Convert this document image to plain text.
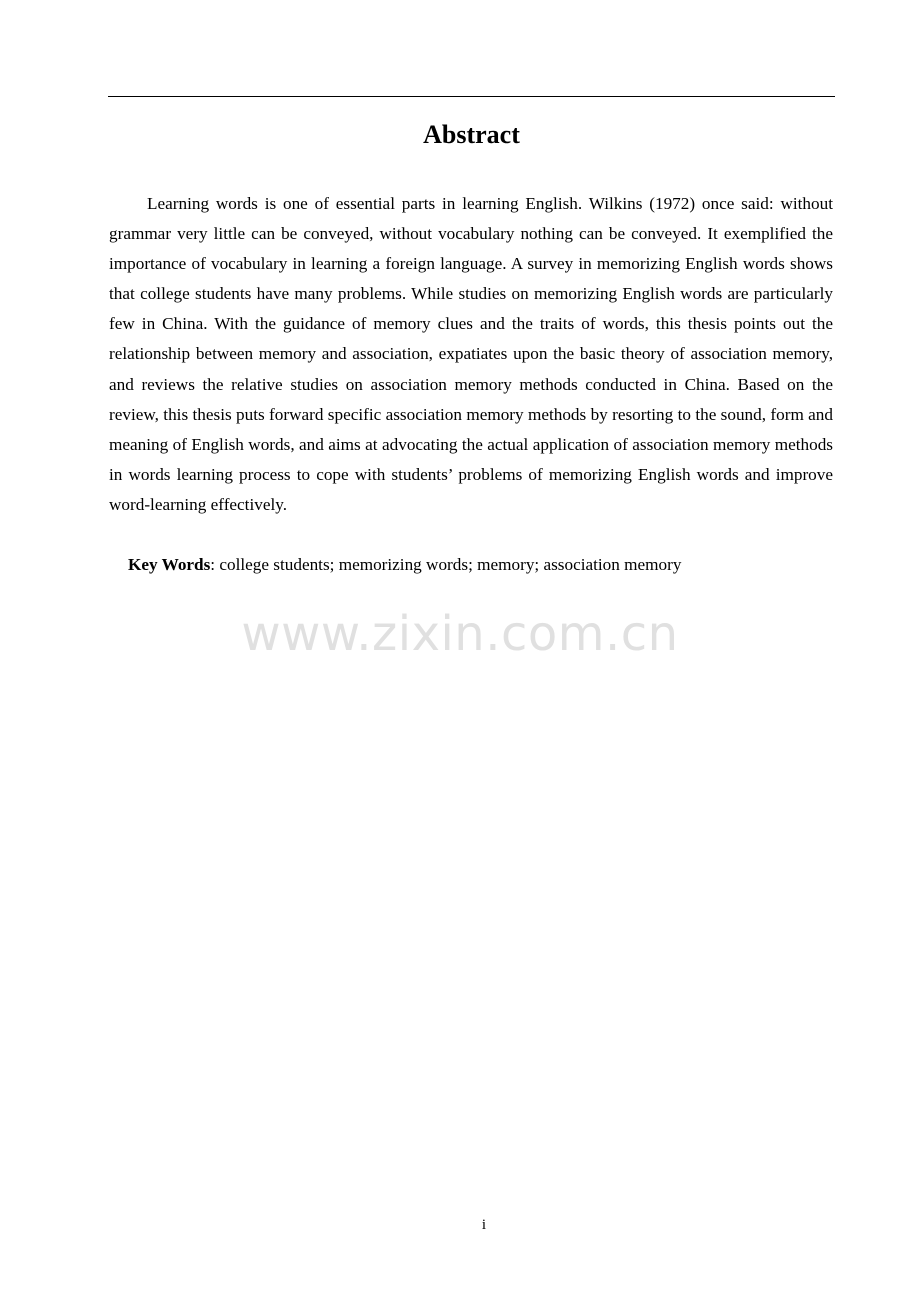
Abstract

Learning words is one of essential parts in learning English. Wilkins (1972) once said: without grammar very little can be conveyed, without vocabulary nothing can be conveyed. It exemplified the importance of vocabulary in learning a foreign language. A survey in memorizing English words shows that college students have many problems. While studies on memorizing English words are particularly few in China. With the guidance of memory clues and the traits of words, this thesis points out the relationship between memory and association, expatiates upon the basic theory of association memory, and reviews the relative studies on association memory methods conducted in China. Based on the review, this thesis puts forward specific association memory methods by resorting to the sound, form and meaning of English words, and aims at advocating the actual application of association memory methods in words learning process to cope with students’ problems of memorizing English words and improve word-learning effectively.

Key Words: college students; memorizing words; memory; association memory

www.zixin.com.cn
i
